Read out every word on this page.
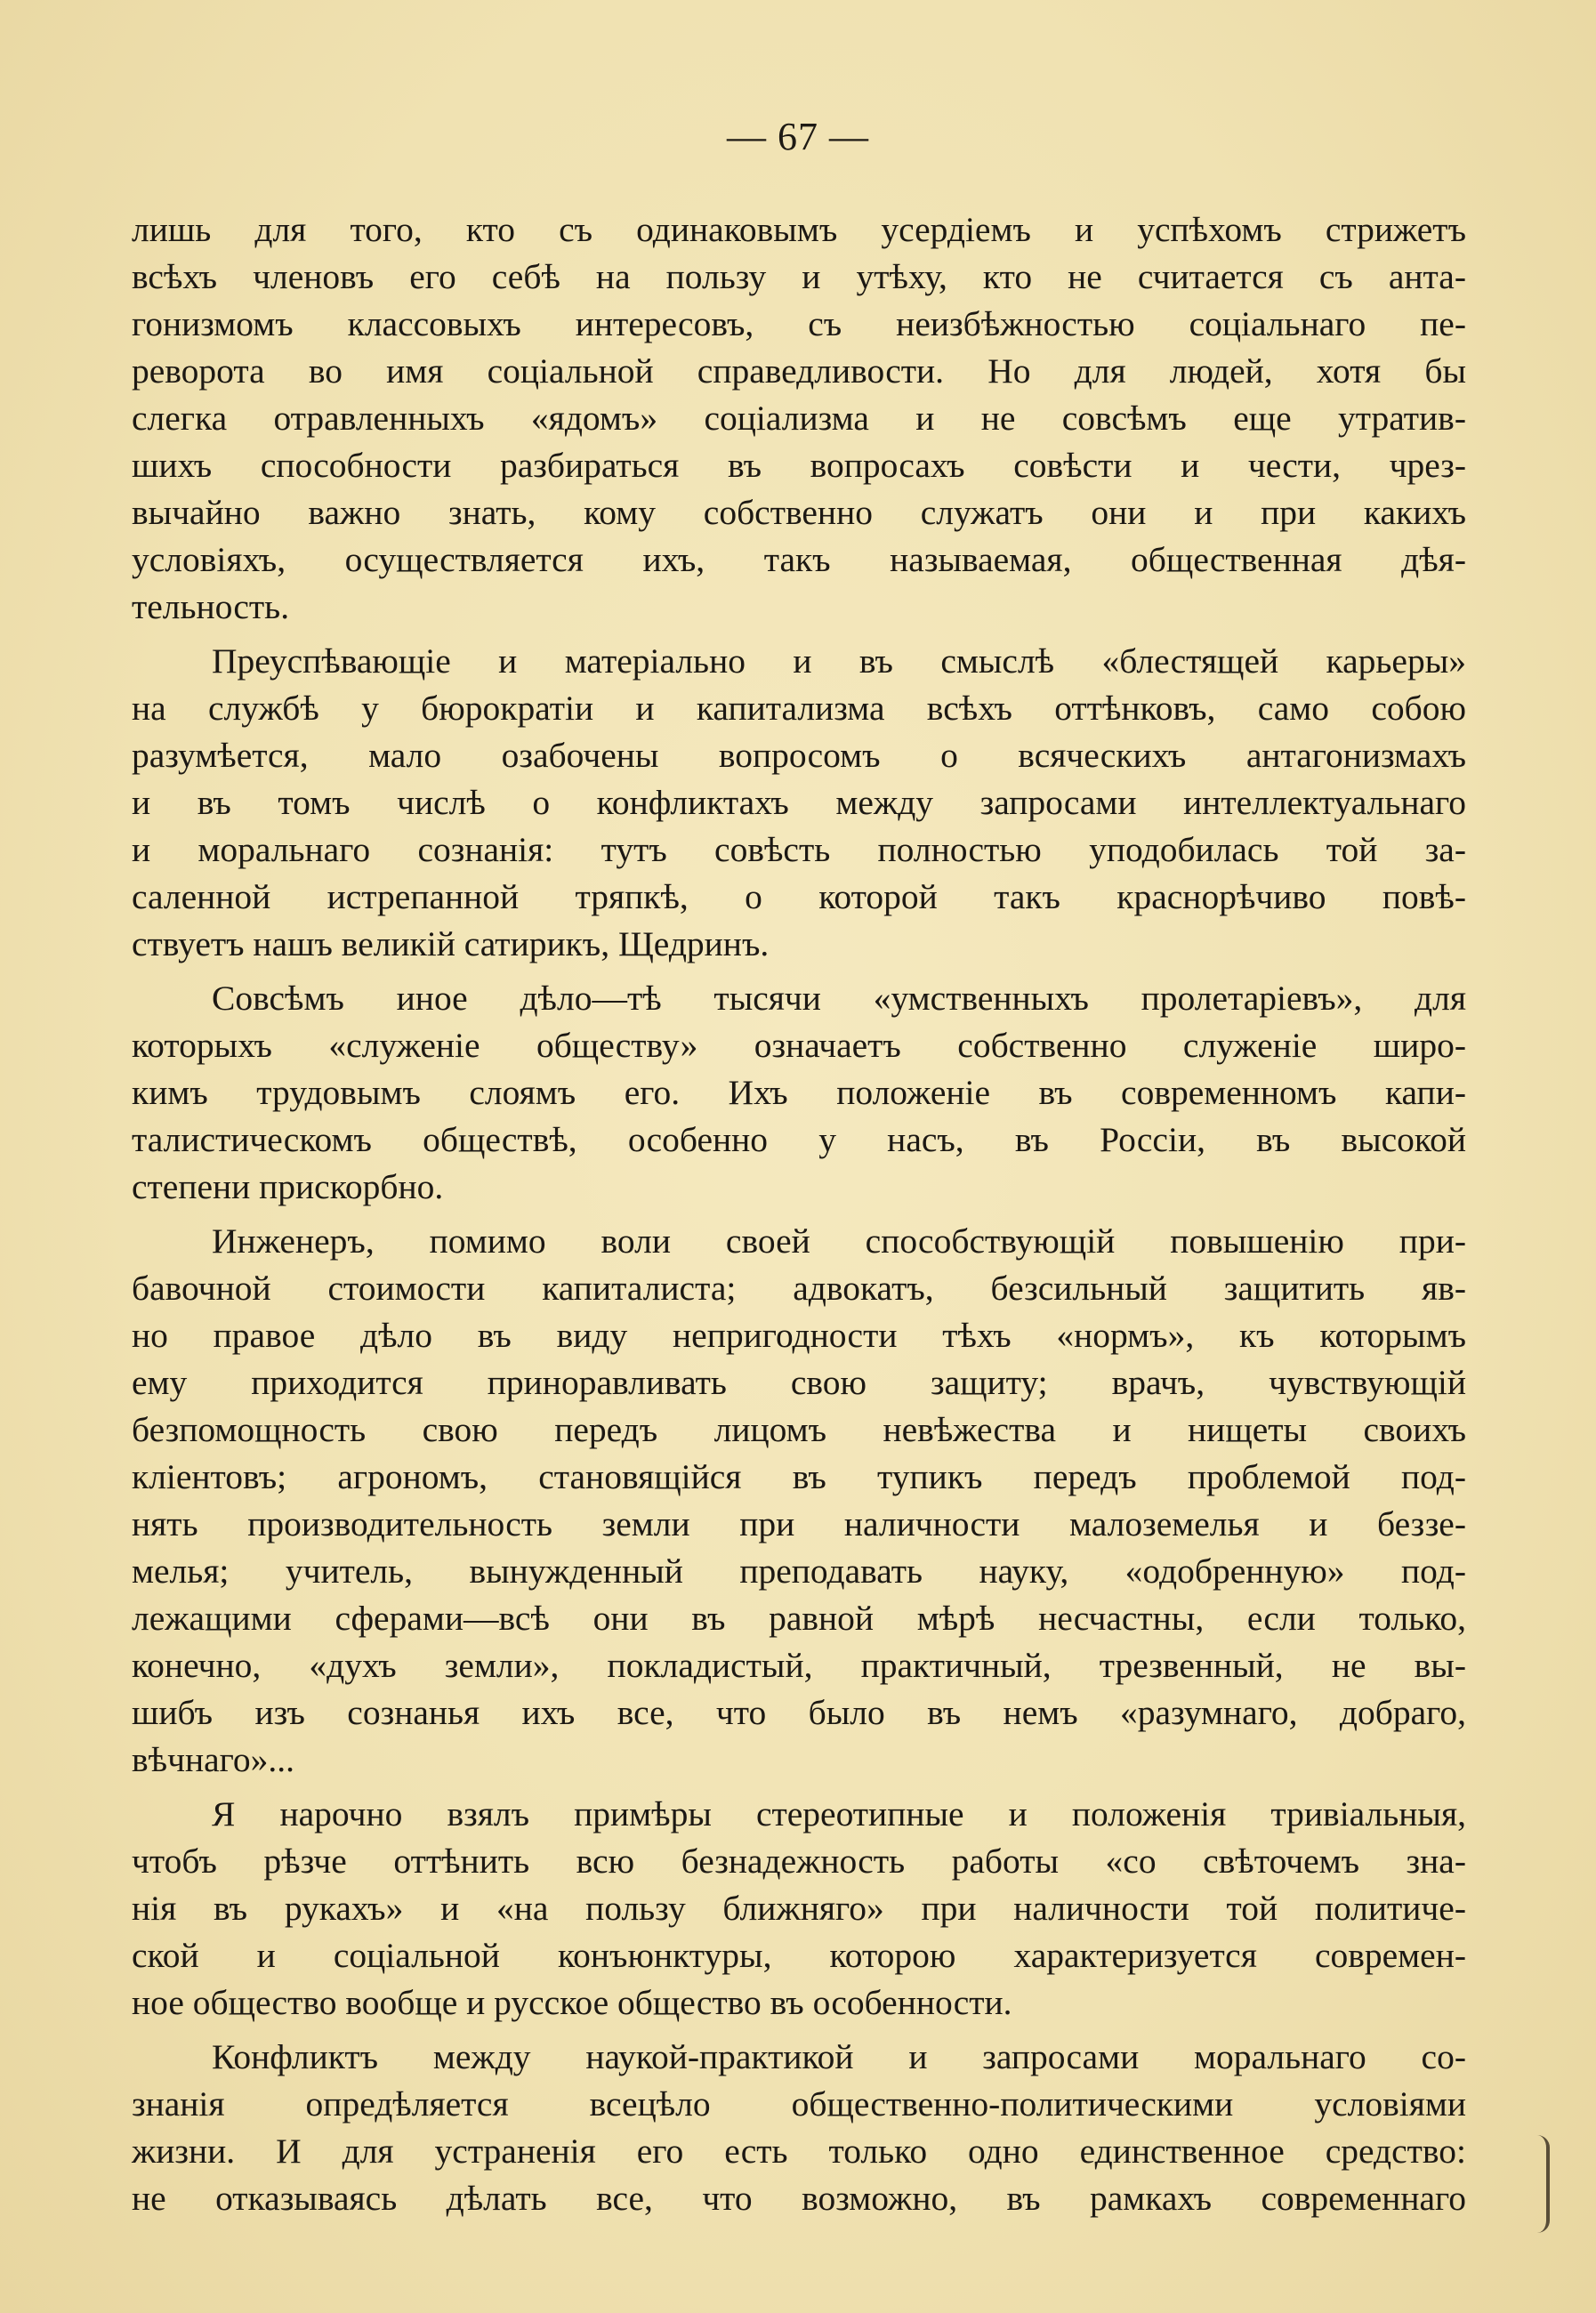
— 67 —
лишь для того, кто съ одинаковымъ усердіемъ и успѣхомъ стрижетъ
всѣхъ членовъ его себѣ на пользу и утѣху, кто не считается съ анта-
гонизмомъ классовыхъ интересовъ, съ неизбѣжностью соціальнаго пе-
реворота во имя соціальной справедливости. Но для людей, хотя бы
слегка отравленныхъ «ядомъ» соціализма и не совсѣмъ еще утратив-
шихъ способности разбираться въ вопросахъ совѣсти и чести, чрез-
вычайно важно знать, кому собственно служатъ они и при какихъ
условіяхъ, осуществляется ихъ, такъ называемая, общественная дѣя-
тельность.
Преуспѣвающіе и матеріально и въ смыслѣ «блестящей карьеры»
на службѣ у бюрократіи и капитализма всѣхъ оттѣнковъ, само собою
разумѣется, мало озабочены вопросомъ о всяческихъ антагонизмахъ
и въ томъ числѣ о конфликтахъ между запросами интеллектуальнаго
и моральнаго сознанія: тутъ совѣсть полностью уподобилась той за-
саленной истрепанной тряпкѣ, о которой такъ краснорѣчиво повѣ-
ствуетъ нашъ великій сатирикъ, Щедринъ.
Совсѣмъ иное дѣло—тѣ тысячи «умственныхъ пролетаріевъ», для
которыхъ «служеніе обществу» означаетъ собственно служеніе широ-
кимъ трудовымъ слоямъ его. Ихъ положеніе въ современномъ капи-
талистическомъ обществѣ, особенно у насъ, въ Россіи, въ высокой
степени прискорбно.
Инженеръ, помимо воли своей способствующій повышенію при-
бавочной стоимости капиталиста; адвокатъ, безсильный защитить яв-
но правое дѣло въ виду непригодности тѣхъ «нормъ», къ которымъ
ему приходится приноравливать свою защиту; врачъ, чувствующій
безпомощность свою передъ лицомъ невѣжества и нищеты своихъ
кліентовъ; агрономъ, становящійся въ тупикъ передъ проблемой под-
нять производительность земли при наличности малоземелья и беззе-
мелья; учитель, вынужденный преподавать науку, «одобренную» под-
лежащими сферами—всѣ они въ равной мѣрѣ несчастны, если только,
конечно, «духъ земли», покладистый, практичный, трезвенный, не вы-
шибъ изъ сознанья ихъ все, что было въ немъ «разумнаго, добраго,
вѣчнаго»...
Я нарочно взялъ примѣры стереотипные и положенія тривіальныя,
чтобъ рѣзче оттѣнить всю безнадежность работы «со свѣточемъ зна-
нія въ рукахъ» и «на пользу ближняго» при наличности той политиче-
ской и соціальной конъюнктуры, которою характеризуется современ-
ное общество вообще и русское общество въ особенности.
Конфликтъ между наукой-практикой и запросами моральнаго со-
знанія опредѣляется всецѣло общественно-политическими условіями
жизни. И для устраненія его есть только одно единственное средство:
не отказываясь дѣлать все, что возможно, въ рамкахъ современнаго
